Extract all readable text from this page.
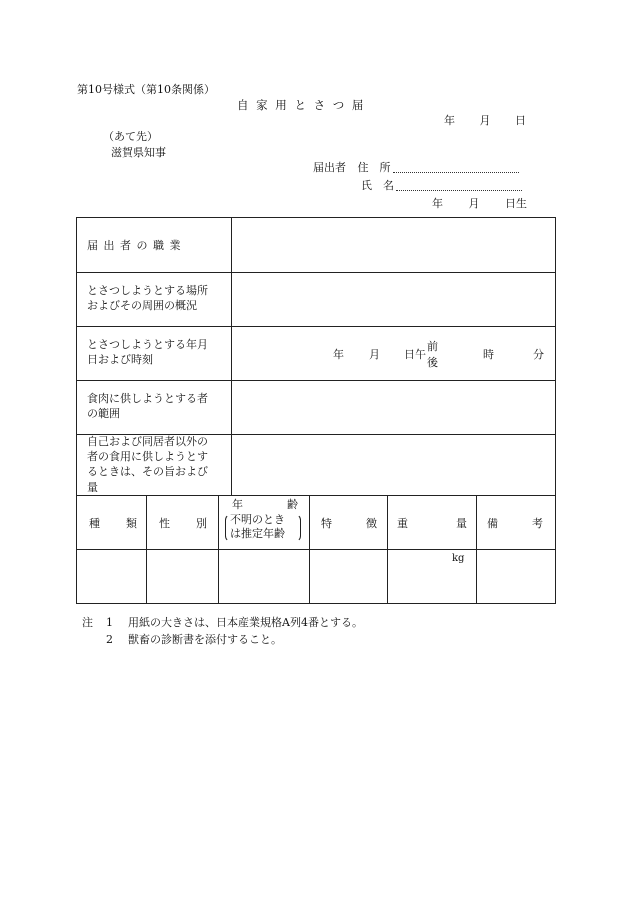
第10号様式（第10条関係）
自 家 用 と さ つ 届
年 月 日
（あて先）
滋賀県知事
届出者 住　所
氏　名
年 月 日生
届 出 者 の 職 業
とさつしようとする場所
およびその周囲の概況
とさつしようとする年月
日および時刻	年 月 日 午
前
後
時	分
食肉に供しようとする者
の範囲
自己および同居者以外の
者の食用に供しようとす
るときは、その旨および
量
種　類 性　別
年　齢
不明のとき
は推定年齢
特　徴 重　量 備　考
kg
注 1 用紙の大きさは、日本産業規格A列4番とする。
2 獣畜の診断書を添付すること。
